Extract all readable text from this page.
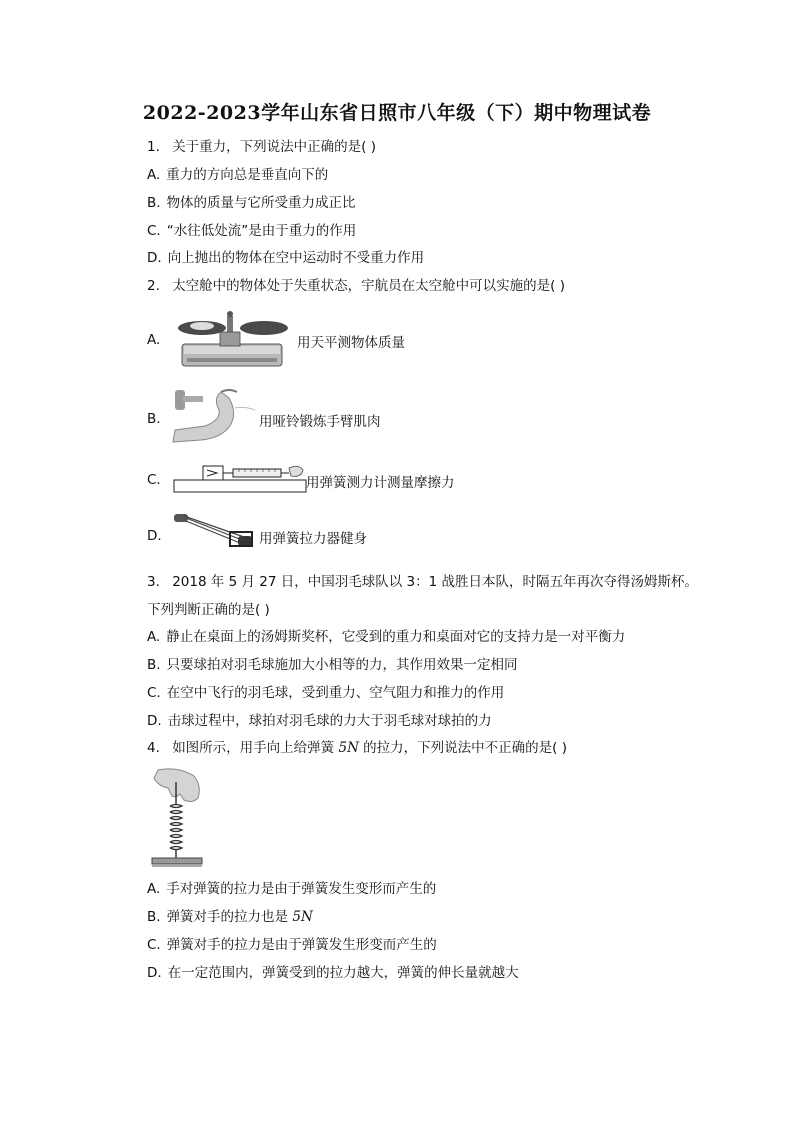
2022-2023学年山东省日照市八年级（下）期中物理试卷
1. 关于重力，下列说法中正确的是( )
A. 重力的方向总是垂直向下的
B. 物体的质量与它所受重力成正比
C. “水往低处流”是由于重力的作用
D. 向上抛出的物体在空中运动时不受重力作用
2. 太空舱中的物体处于失重状态，宇航员在太空舱中可以实施的是( )
A.	用天平测物体质量
B.	用哑铃锻炼手臂肌肉
C.	用弹簧测力计测量摩擦力
D.	用弹簧拉力器健身
3. 2018 年 5 月 27 日，中国羽毛球队以 3：1 战胜日本队，时隔五年再次夺得汤姆斯杯。
下列判断正确的是( )
A. 静止在桌面上的汤姆斯奖杯，它受到的重力和桌面对它的支持力是一对平衡力
B. 只要球拍对羽毛球施加大小相等的力，其作用效果一定相同
C. 在空中飞行的羽毛球，受到重力、空气阻力和推力的作用
D. 击球过程中，球拍对羽毛球的力大于羽毛球对球拍的力
4. 如图所示，用手向上给弹簧 5N 的拉力，下列说法中不正确的是( )
A. 手对弹簧的拉力是由于弹簧发生变形而产生的
B. 弹簧对手的拉力也是 5N
C. 弹簧对手的拉力是由于弹簧发生形变而产生的
D. 在一定范围内，弹簧受到的拉力越大，弹簧的伸长量就越大
